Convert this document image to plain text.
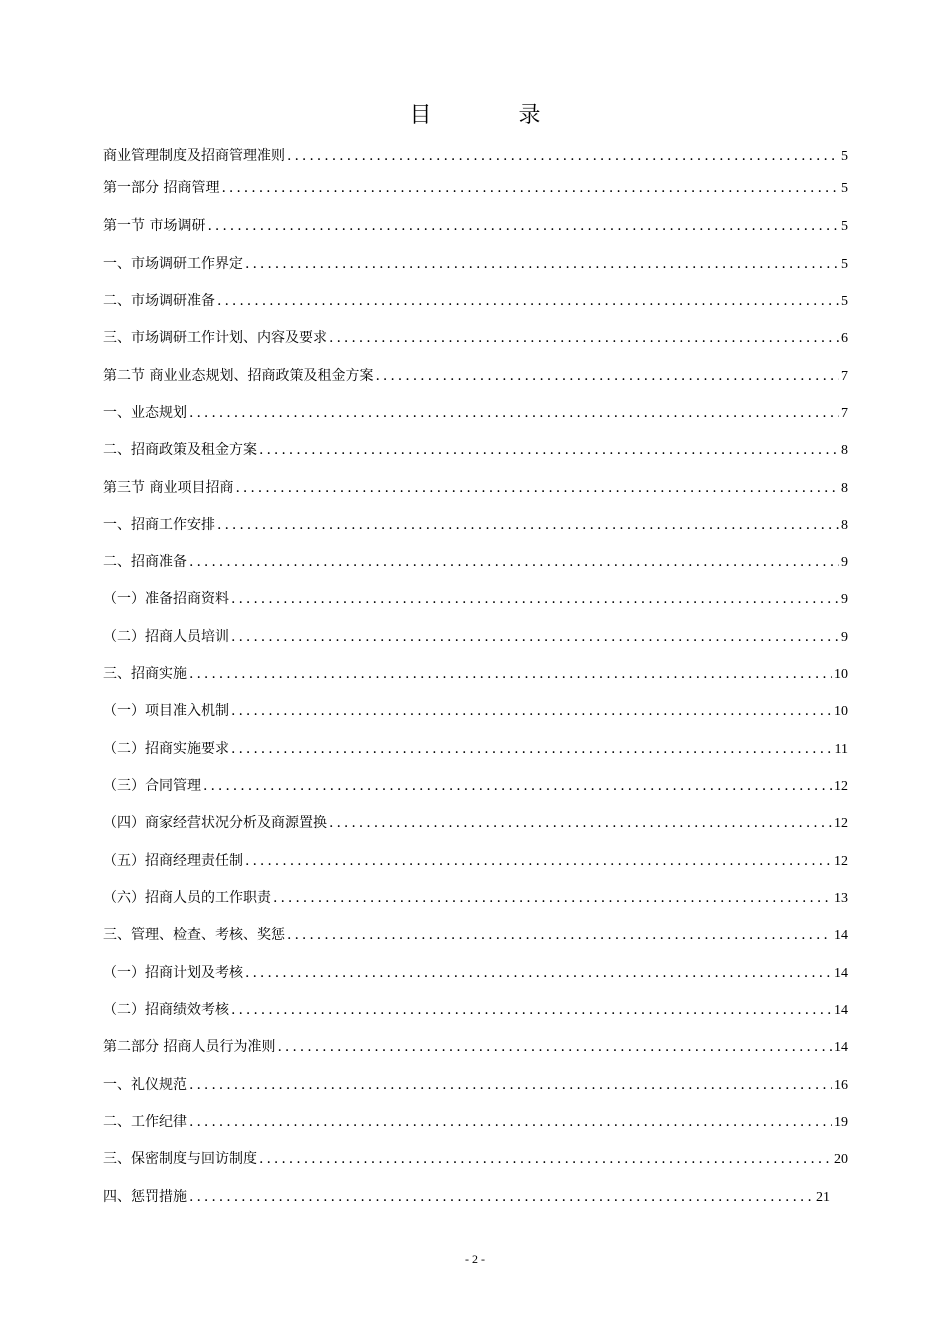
目 录
商业管理制度及招商管理准则 .....	5
第一部分 招商管理 .....	5
第一节 市场调研 .....	5
一、市场调研工作界定 .....	5
二、市场调研准备 .....	5
三、市场调研工作计划、内容及要求 .....	6
第二节 商业业态规划、招商政策及租金方案 .....	7
一、业态规划 .....	7
二、招商政策及租金方案 .....	8
第三节 商业项目招商 .....	8
一、招商工作安排 .....	8
二、招商准备 .....	9
（一）准备招商资料 .....	9
（二）招商人员培训 .....	9
三、招商实施 .....	10
（一）项目准入机制 .....	10
（二）招商实施要求 .....	11
（三）合同管理 .....	12
（四）商家经营状况分析及商源置换 .....	12
（五）招商经理责任制 .....	12
（六）招商人员的工作职责 .....	13
三、管理、检查、考核、奖惩 .....	14
（一）招商计划及考核 .....	14
（二）招商绩效考核 .....	14
第二部分 招商人员行为准则 .....	14
一、礼仪规范 .....	16
二、工作纪律 .....	19
三、保密制度与回访制度 .....	20
四、惩罚措施 .....	21
- 2 -
